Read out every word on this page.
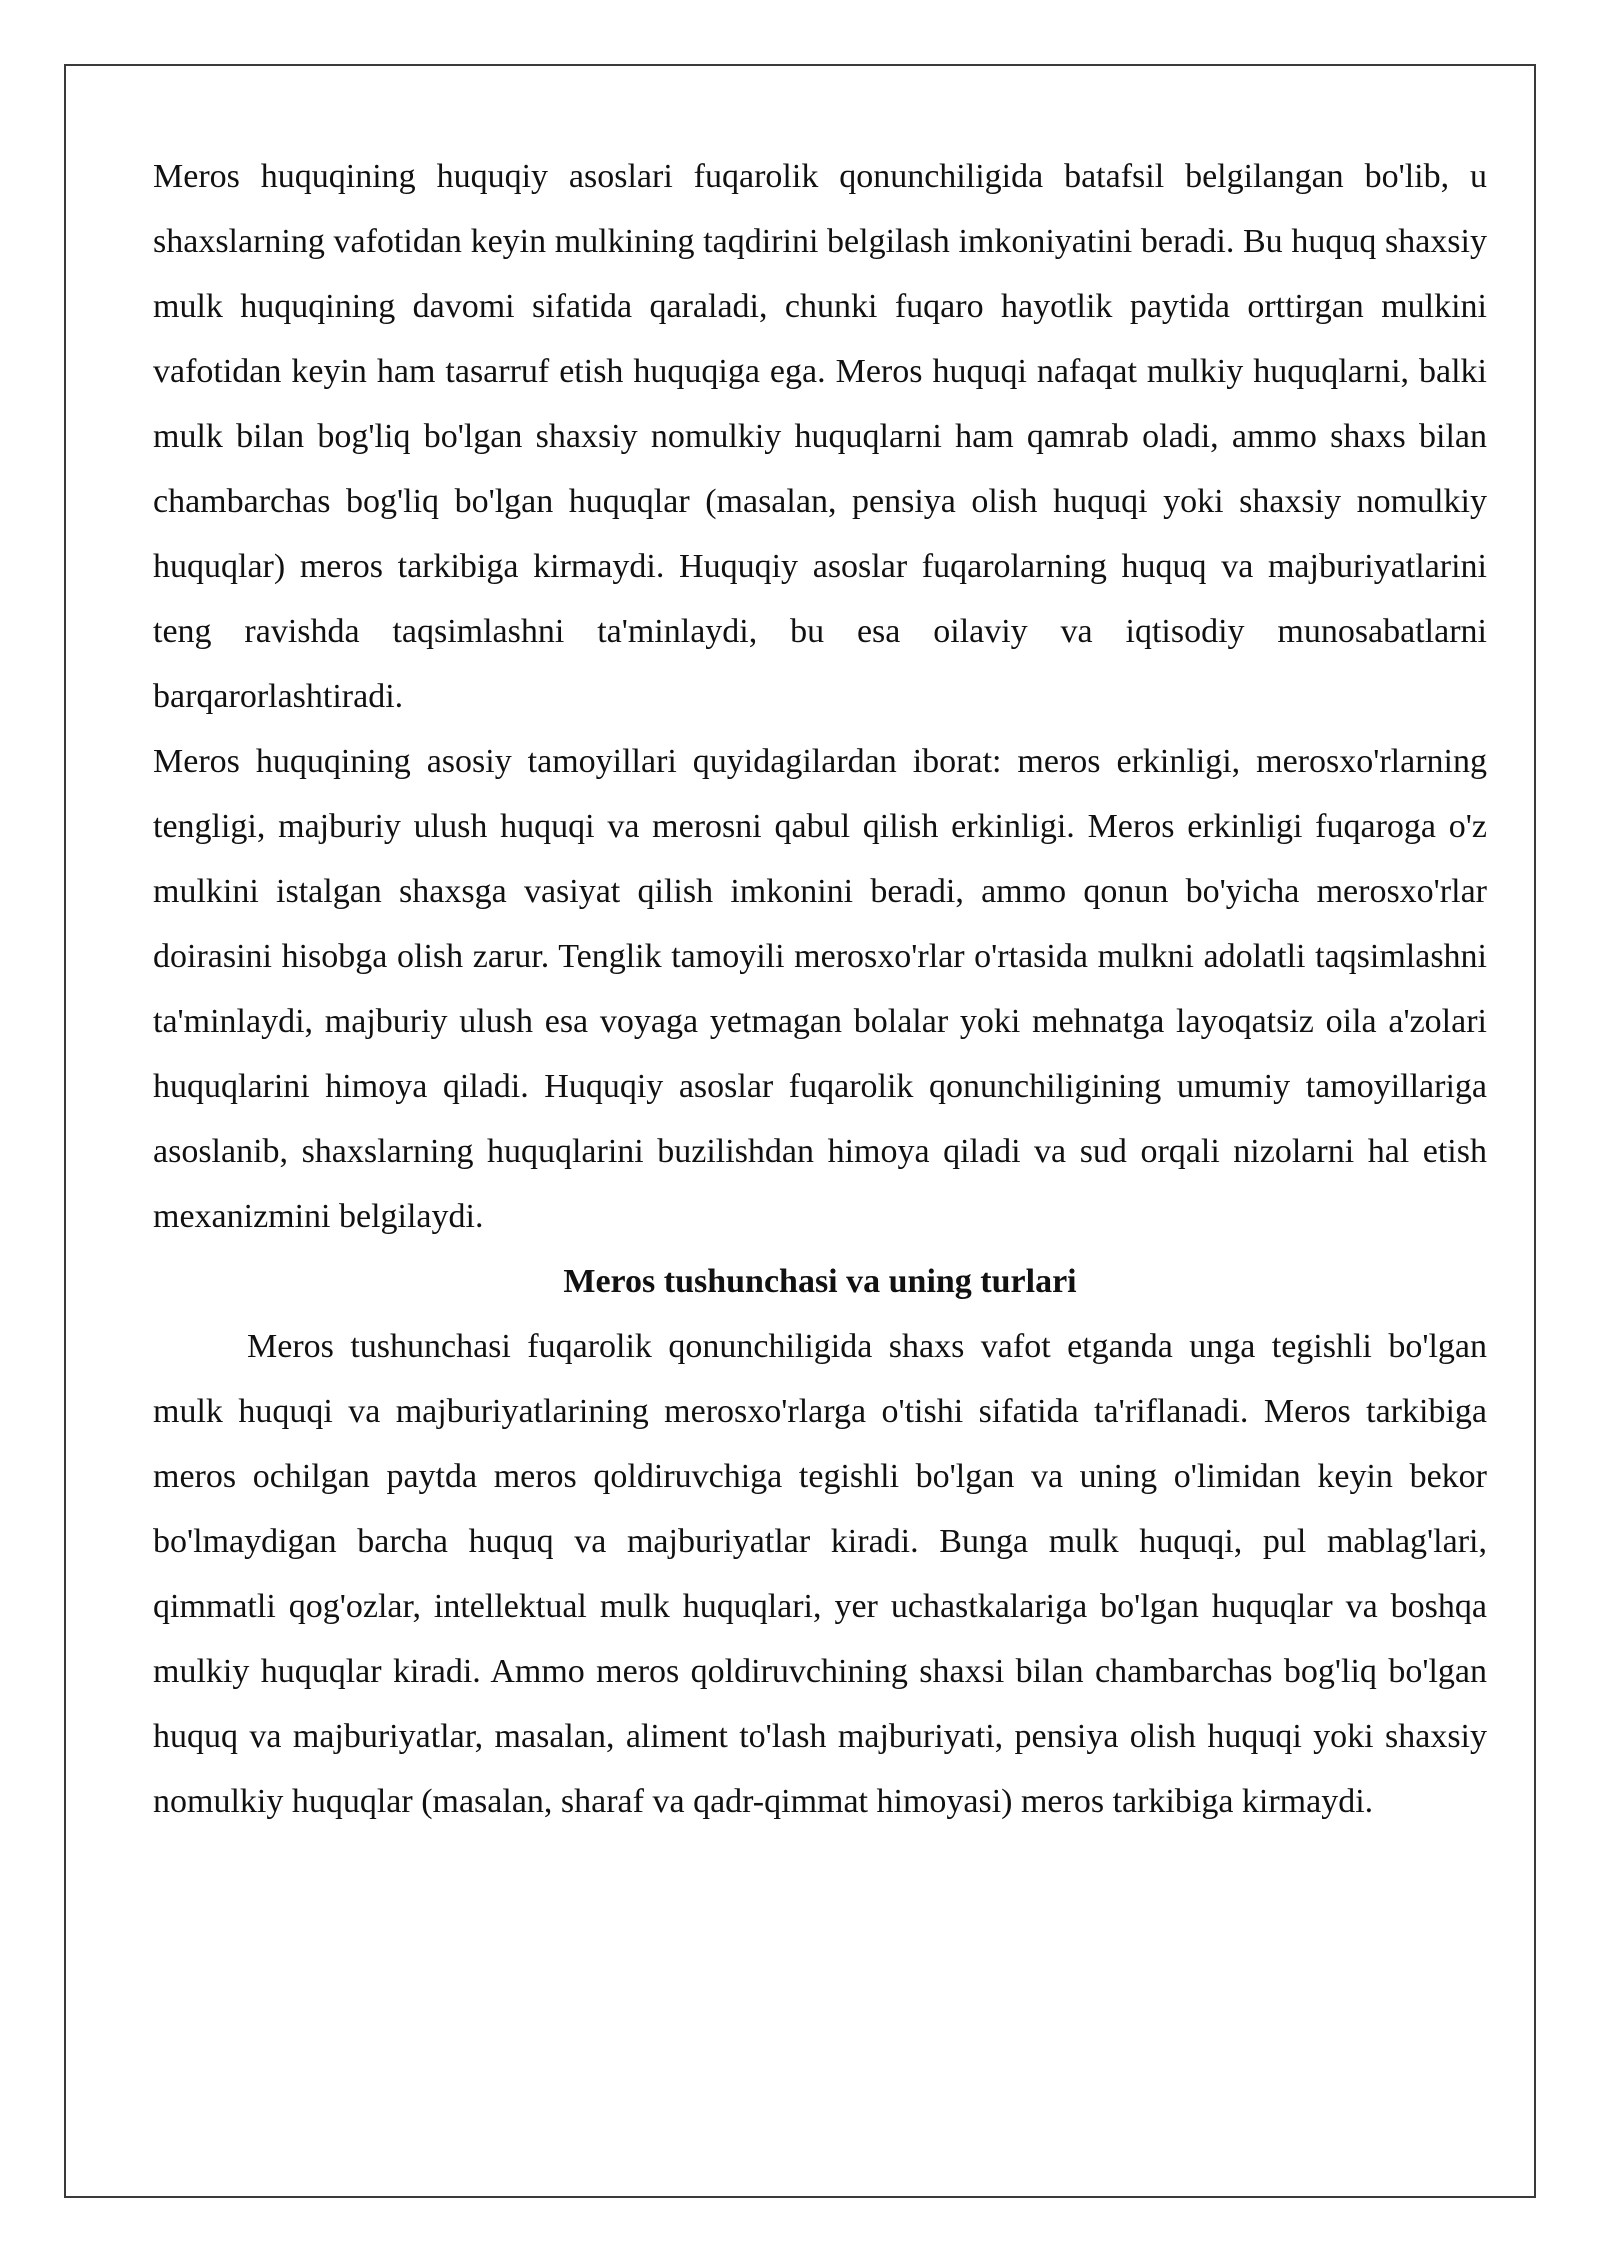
Meros huquqining huquqiy asoslari fuqarolik qonunchiligida batafsil belgilangan bo'lib, u shaxslarning vafotidan keyin mulkining taqdirini belgilash imkoniyatini beradi. Bu huquq shaxsiy mulk huquqining davomi sifatida qaraladi, chunki fuqaro hayotlik paytida orttirgan mulkini vafotidan keyin ham tasarruf etish huquqiga ega. Meros huquqi nafaqat mulkiy huquqlarni, balki mulk bilan bog'liq bo'lgan shaxsiy nomulkiy huquqlarni ham qamrab oladi, ammo shaxs bilan chambarchas bog'liq bo'lgan huquqlar (masalan, pensiya olish huquqi yoki shaxsiy nomulkiy huquqlar) meros tarkibiga kirmaydi. Huquqiy asoslar fuqarolarning huquq va majburiyatlarini teng ravishda taqsimlashni ta'minlaydi, bu esa oilaviy va iqtisodiy munosabatlarni barqarorlashtiradi.

Meros huquqining asosiy tamoyillari quyidagilardan iborat: meros erkinligi, merosxo'rlarning tengligi, majburiy ulush huquqi va merosni qabul qilish erkinligi. Meros erkinligi fuqaroga o'z mulkini istalgan shaxsga vasiyat qilish imkonini beradi, ammo qonun bo'yicha merosxo'rlar doirasini hisobga olish zarur. Tenglik tamoyili merosxo'rlar o'rtasida mulkni adolatli taqsimlashni ta'minlaydi, majburiy ulush esa voyaga yetmagan bolalar yoki mehnatga layoqatsiz oila a'zolari huquqlarini himoya qiladi. Huquqiy asoslar fuqarolik qonunchiligining umumiy tamoyillariga asoslanib, shaxslarning huquqlarini buzilishdan himoya qiladi va sud orqali nizolarni hal etish mexanizmini belgilaydi.

Meros tushunchasi va uning turlari

Meros tushunchasi fuqarolik qonunchiligida shaxs vafot etganda unga tegishli bo'lgan mulk huquqi va majburiyatlarining merosxo'rlarga o'tishi sifatida ta'riflanadi. Meros tarkibiga meros ochilgan paytda meros qoldiruvchiga tegishli bo'lgan va uning o'limidan keyin bekor bo'lmaydigan barcha huquq va majburiyatlar kiradi. Bunga mulk huquqi, pul mablag'lari, qimmatli qog'ozlar, intellektual mulk huquqlari, yer uchastkalariga bo'lgan huquqlar va boshqa mulkiy huquqlar kiradi. Ammo meros qoldiruvchining shaxsi bilan chambarchas bog'liq bo'lgan huquq va majburiyatlar, masalan, aliment to'lash majburiyati, pensiya olish huquqi yoki shaxsiy nomulkiy huquqlar (masalan, sharaf va qadr-qimmat himoyasi) meros tarkibiga kirmaydi.
